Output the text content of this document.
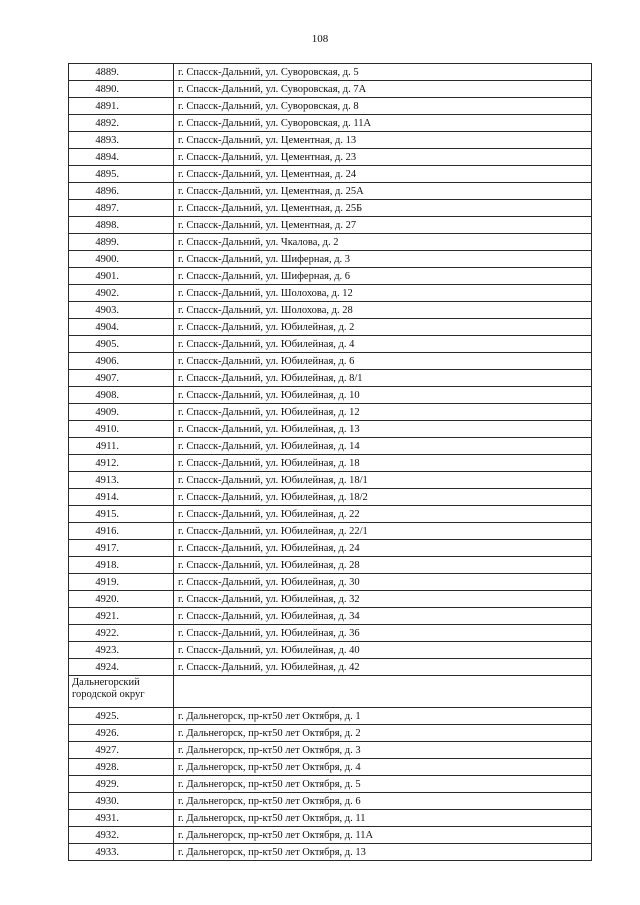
108
4889.	г. Спасск-Дальний, ул. Суворовская, д. 5
4890.	г. Спасск-Дальний, ул. Суворовская, д. 7А
4891.	г. Спасск-Дальний, ул. Суворовская, д. 8
4892.	г. Спасск-Дальний, ул. Суворовская, д. 11А
4893.	г. Спасск-Дальний, ул. Цементная, д. 13
4894.	г. Спасск-Дальний, ул. Цементная, д. 23
4895.	г. Спасск-Дальний, ул. Цементная, д. 24
4896.	г. Спасск-Дальний, ул. Цементная, д. 25А
4897.	г. Спасск-Дальний, ул. Цементная, д. 25Б
4898.	г. Спасск-Дальний, ул. Цементная, д. 27
4899.	г. Спасск-Дальний, ул. Чкалова, д. 2
4900.	г. Спасск-Дальний, ул. Шиферная, д. 3
4901.	г. Спасск-Дальний, ул. Шиферная, д. 6
4902.	г. Спасск-Дальний, ул. Шолохова, д. 12
4903.	г. Спасск-Дальний, ул. Шолохова, д. 28
4904.	г. Спасск-Дальний, ул. Юбилейная, д. 2
4905.	г. Спасск-Дальний, ул. Юбилейная, д. 4
4906.	г. Спасск-Дальний, ул. Юбилейная, д. 6
4907.	г. Спасск-Дальний, ул. Юбилейная, д. 8/1
4908.	г. Спасск-Дальний, ул. Юбилейная, д. 10
4909.	г. Спасск-Дальний, ул. Юбилейная, д. 12
4910.	г. Спасск-Дальний, ул. Юбилейная, д. 13
4911.	г. Спасск-Дальний, ул. Юбилейная, д. 14
4912.	г. Спасск-Дальний, ул. Юбилейная, д. 18
4913.	г. Спасск-Дальний, ул. Юбилейная, д. 18/1
4914.	г. Спасск-Дальний, ул. Юбилейная, д. 18/2
4915.	г. Спасск-Дальний, ул. Юбилейная, д. 22
4916.	г. Спасск-Дальний, ул. Юбилейная, д. 22/1
4917.	г. Спасск-Дальний, ул. Юбилейная, д. 24
4918.	г. Спасск-Дальний, ул. Юбилейная, д. 28
4919.	г. Спасск-Дальний, ул. Юбилейная, д. 30
4920.	г. Спасск-Дальний, ул. Юбилейная, д. 32
4921.	г. Спасск-Дальний, ул. Юбилейная, д. 34
4922.	г. Спасск-Дальний, ул. Юбилейная, д. 36
4923.	г. Спасск-Дальний, ул. Юбилейная, д. 40
4924.	г. Спасск-Дальний, ул. Юбилейная, д. 42
Дальнегорский
городской округ	
4925.	г. Дальнегорск, пр-кт50 лет Октября, д. 1
4926.	г. Дальнегорск, пр-кт50 лет Октября, д. 2
4927.	г. Дальнегорск, пр-кт50 лет Октября, д. 3
4928.	г. Дальнегорск, пр-кт50 лет Октября, д. 4
4929.	г. Дальнегорск, пр-кт50 лет Октября, д. 5
4930.	г. Дальнегорск, пр-кт50 лет Октября, д. 6
4931.	г. Дальнегорск, пр-кт50 лет Октября, д. 11
4932.	г. Дальнегорск, пр-кт50 лет Октября, д. 11А
4933.	г. Дальнегорск, пр-кт50 лет Октября, д. 13
